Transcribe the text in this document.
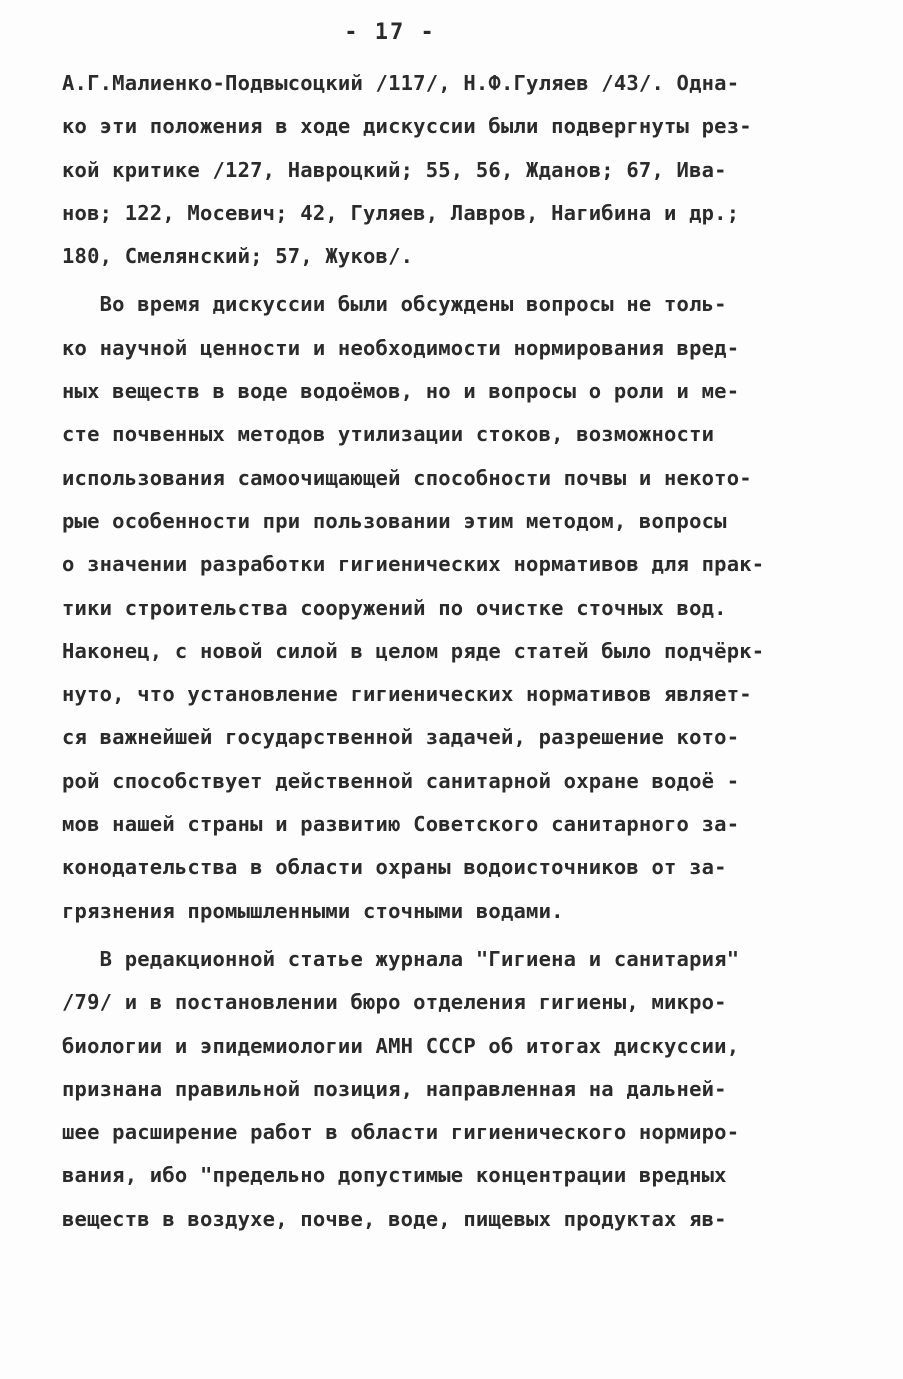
- 17 -
А.Г.Малиенко-Подвысоцкий /117/, Н.Ф.Гуляев /43/. Одна-
ко эти положения в ходе дискуссии были подвергнуты рез-
кой критике /127, Навроцкий; 55, 56, Жданов; 67, Ива-
нов; 122, Мосевич; 42, Гуляев, Лавров, Нагибина и др.;
180, Смелянский; 57, Жуков/.
Во время дискуссии были обсуждены вопросы не толь-
ко научной ценности и необходимости нормирования вред-
ных веществ в воде водоёмов, но и вопросы о роли и ме-
сте почвенных методов утилизации стоков, возможности
использования самоочищающей способности почвы и некото-
рые особенности при пользовании этим методом, вопросы
о значении разработки гигиенических нормативов для прак-
тики строительства сооружений по очистке сточных вод.
Наконец, с новой силой в целом ряде статей было подчёрк-
нуто, что установление гигиенических нормативов являет-
ся важнейшей государственной задачей, разрешение кото-
рой способствует действенной санитарной охране водоё -
мов нашей страны и развитию Советского санитарного за-
конодательства в области охраны водоисточников от за-
грязнения промышленными сточными водами.
В редакционной статье журнала "Гигиена и санитария"
/79/ и в постановлении бюро отделения гигиены, микро-
биологии и эпидемиологии АМН СССР об итогах дискуссии,
признана правильной позиция, направленная на дальней-
шее расширение работ в области гигиенического нормиро-
вания, ибо "предельно допустимые концентрации вредных
веществ в воздухе, почве, воде, пищевых продуктах яв-
